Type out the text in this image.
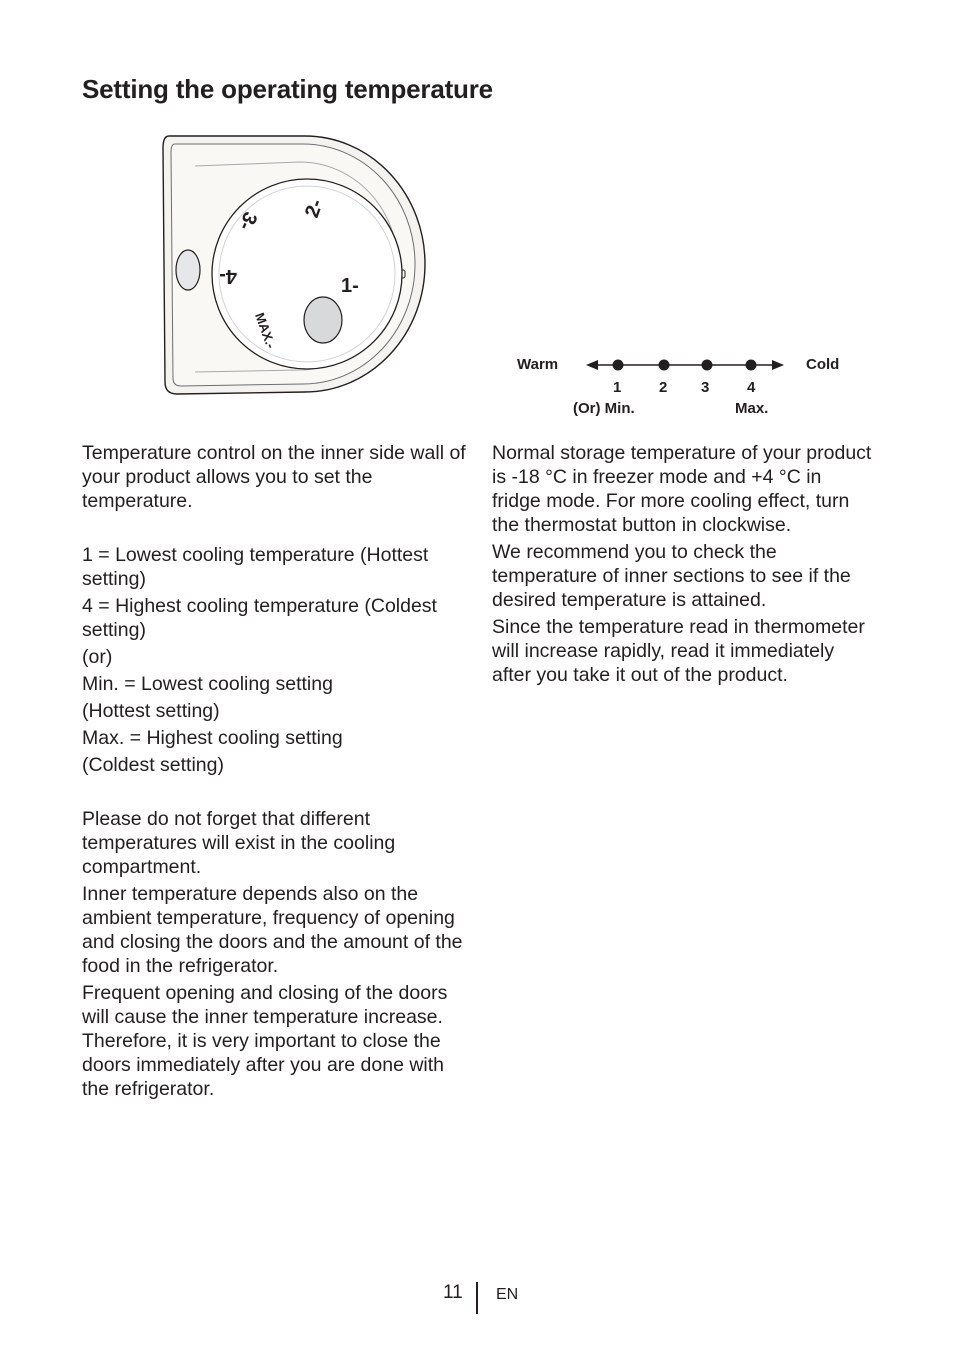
Setting the operating temperature
1-
2-
3-
4-
MAX.-
Warm	Cold
1	2 3	4
(Or) Min.	Max.

Temperature control on the inner side wall of your product allows you to set the temperature.

1 = Lowest cooling temperature (Hottest setting)

4 = Highest cooling temperature (Coldest setting)

(or)

Min. = Lowest cooling setting

(Hottest setting)

Max. = Highest cooling setting

(Coldest setting)

Please do not forget that different temperatures will exist in the cooling compartment.

Inner temperature depends also on the ambient temperature, frequency of opening and closing the doors and the amount of the food in the refrigerator.

Frequent opening and closing of the doors will cause the inner temperature increase. Therefore, it is very important to close the doors immediately after you are done with the refrigerator.

Normal storage temperature of your product is -18 °C in freezer mode and +4 °C in fridge mode. For more cooling effect, turn the thermostat button in clockwise.

We recommend you to check the temperature of inner sections to see if the desired temperature is attained.

Since the temperature read in thermometer will increase rapidly, read it immediately after you take it out of the product.

11 EN
